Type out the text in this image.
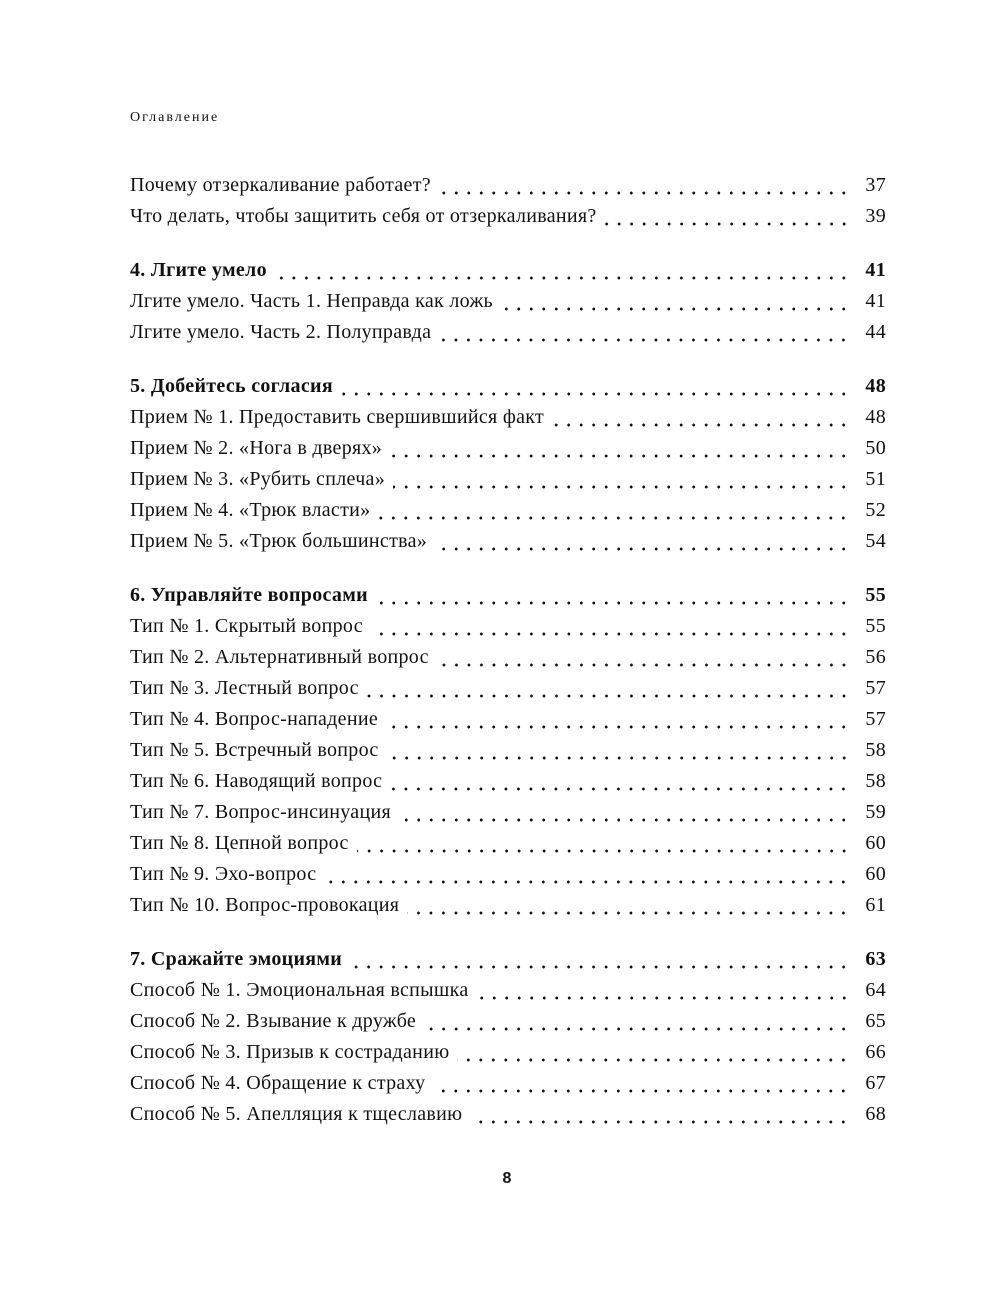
Оглавление
Почему отзеркаливание работает?	37
Что делать, чтобы защитить себя от отзеркаливания?	39
4. Лгите умело	41
Лгите умело. Часть 1. Неправда как ложь	41
Лгите умело. Часть 2. Полуправда	44
5. Добейтесь согласия	48
Прием № 1. Предоставить свершившийся факт	48
Прием № 2. «Нога в дверях»	50
Прием № 3. «Рубить сплеча»	51
Прием № 4. «Трюк власти»	52
Прием № 5. «Трюк большинства»	54
6. Управляйте вопросами	55
Тип № 1. Скрытый вопрос	55
Тип № 2. Альтернативный вопрос	56
Тип № 3. Лестный вопрос	57
Тип № 4. Вопрос-нападение	57
Тип № 5. Встречный вопрос	58
Тип № 6. Наводящий вопрос	58
Тип № 7. Вопрос-инсинуация	59
Тип № 8. Цепной вопрос	60
Тип № 9. Эхо-вопрос	60
Тип № 10. Вопрос-провокация	61
7. Сражайте эмоциями	63
Способ № 1. Эмоциональная вспышка	64
Способ № 2. Взывание к дружбе	65
Способ № 3. Призыв к состраданию	66
Способ № 4. Обращение к страху	67
Способ № 5. Апелляция к тщеславию	68
8
